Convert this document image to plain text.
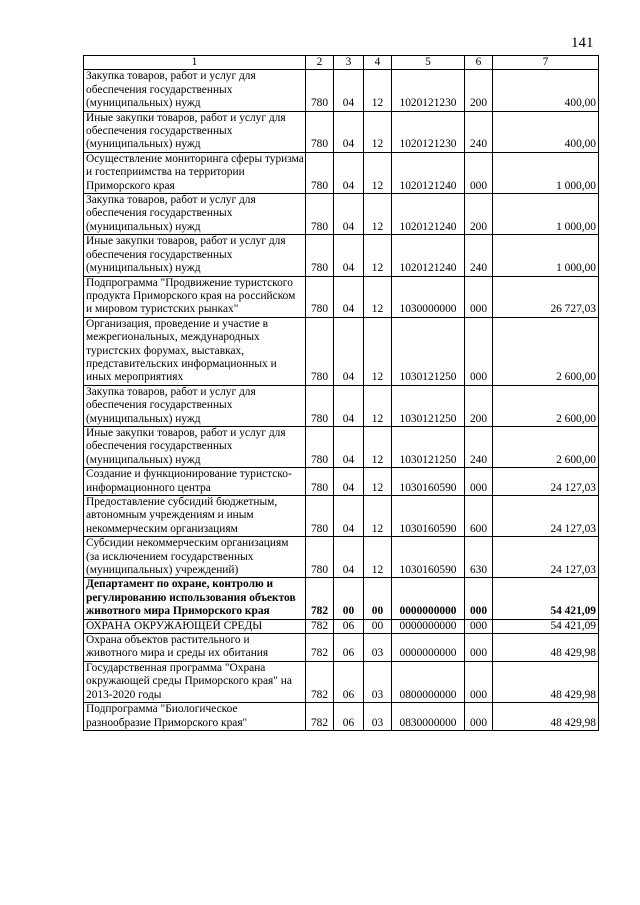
141
1	2	3	4	5	6	7
Закупка товаров, работ и услуг для обеспечения государственных (муниципальных) нужд	780	04	12	1020121230	200	400,00
Иные закупки товаров, работ и услуг для обеспечения государственных (муниципальных) нужд	780	04	12	1020121230	240	400,00
Осуществление мониторинга сферы туризма и гостеприимства на территории Приморского края	780	04	12	1020121240	000	1 000,00
Закупка товаров, работ и услуг для обеспечения государственных (муниципальных) нужд	780	04	12	1020121240	200	1 000,00
Иные закупки товаров, работ и услуг для обеспечения государственных (муниципальных) нужд	780	04	12	1020121240	240	1 000,00
Подпрограмма "Продвижение туристского продукта Приморского края на российском и мировом туристских рынках"	780	04	12	1030000000	000	26 727,03
Организация, проведение и участие в межрегиональных, международных туристских форумах, выставках, представительских информационных и иных мероприятиях	780	04	12	1030121250	000	2 600,00
Закупка товаров, работ и услуг для обеспечения государственных (муниципальных) нужд	780	04	12	1030121250	200	2 600,00
Иные закупки товаров, работ и услуг для обеспечения государственных (муниципальных) нужд	780	04	12	1030121250	240	2 600,00
Создание и функционирование туристско-информационного центра	780	04	12	1030160590	000	24 127,03
Предоставление субсидий бюджетным, автономным учреждениям и иным некоммерческим организациям	780	04	12	1030160590	600	24 127,03
Субсидии некоммерческим организациям (за исключением государственных (муниципальных) учреждений)	780	04	12	1030160590	630	24 127,03
Департамент по охране, контролю и регулированию использования объектов животного мира Приморского края	782	00	00	0000000000	000	54 421,09
ОХРАНА ОКРУЖАЮЩЕЙ СРЕДЫ	782	06	00	0000000000	000	54 421,09
Охрана объектов растительного и животного мира и среды их обитания	782	06	03	0000000000	000	48 429,98
Государственная программа "Охрана окружающей среды Приморского края" на 2013-2020 годы	782	06	03	0800000000	000	48 429,98
Подпрограмма "Биологическое разнообразие Приморского края"	782	06	03	0830000000	000	48 429,98
